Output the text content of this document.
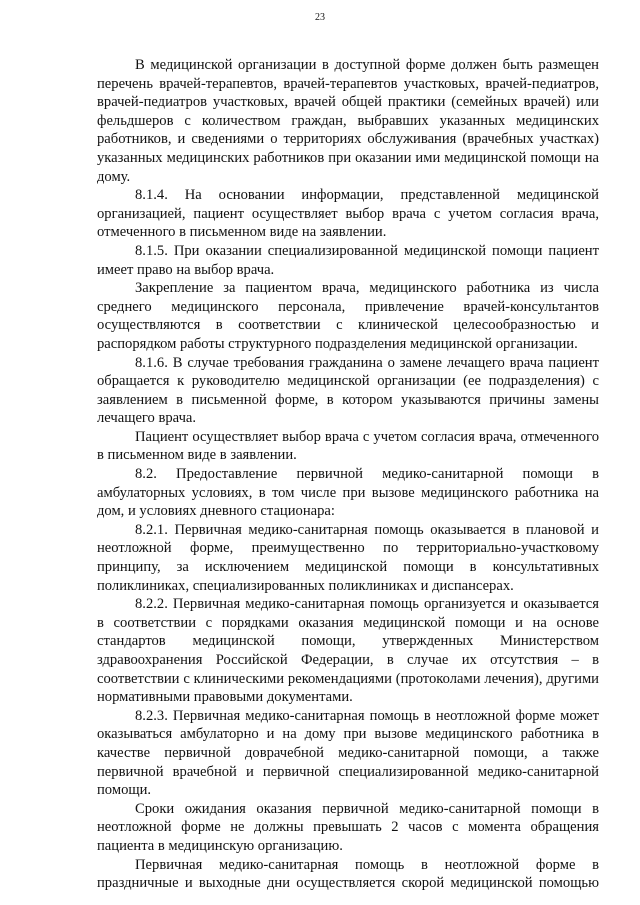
23

В медицинской организации в доступной форме должен быть размещен перечень врачей-терапевтов, врачей-терапевтов участковых, врачей-педиатров, врачей-педиатров участковых, врачей общей практики (семейных врачей) или фельдшеров с количеством граждан, выбравших указанных медицинских работников, и сведениями о территориях обслуживания (врачебных участках) указанных медицинских работников при оказании ими медицинской помощи на дому.

8.1.4. На основании информации, представленной медицинской организацией, пациент осуществляет выбор врача с учетом согласия врача, отмеченного в письменном виде на заявлении.

8.1.5. При оказании специализированной медицинской помощи пациент имеет право на выбор врача.

Закрепление за пациентом врача, медицинского работника из числа среднего медицинского персонала, привлечение врачей-консультантов осуществляются в соответствии с клинической целесообразностью и распорядком работы структурного подразделения медицинской организации.

8.1.6. В случае требования гражданина о замене лечащего врача пациент обращается к руководителю медицинской организации (ее подразделения) с заявлением в письменной форме, в котором указываются причины замены лечащего врача.

Пациент осуществляет выбор врача с учетом согласия врача, отмеченного в письменном виде в заявлении.

8.2. Предоставление первичной медико-санитарной помощи в амбулаторных условиях, в том числе при вызове медицинского работника на дом, и условиях дневного стационара:

8.2.1. Первичная медико-санитарная помощь оказывается в плановой и неотложной форме, преимущественно по территориально-участковому принципу, за исключением медицинской помощи в консультативных поликлиниках, специализированных поликлиниках и диспансерах.

8.2.2. Первичная медико-санитарная помощь организуется и оказывается в соответствии с порядками оказания медицинской помощи и на основе стандартов медицинской помощи, утвержденных Министерством здравоохранения Российской Федерации, в случае их отсутствия – в соответствии с клиническими рекомендациями (протоколами лечения), другими нормативными правовыми документами.

8.2.3. Первичная медико-санитарная помощь в неотложной форме может оказываться амбулаторно и на дому при вызове медицинского работника в качестве первичной доврачебной медико-санитарной помощи, а также первичной врачебной и первичной специализированной медико-санитарной помощи.

Сроки ожидания оказания первичной медико-санитарной помощи в неотложной форме не должны превышать 2 часов с момента обращения пациента в медицинскую организацию.

Первичная медико-санитарная помощь в неотложной форме в праздничные и выходные дни осуществляется скорой медицинской помощью
